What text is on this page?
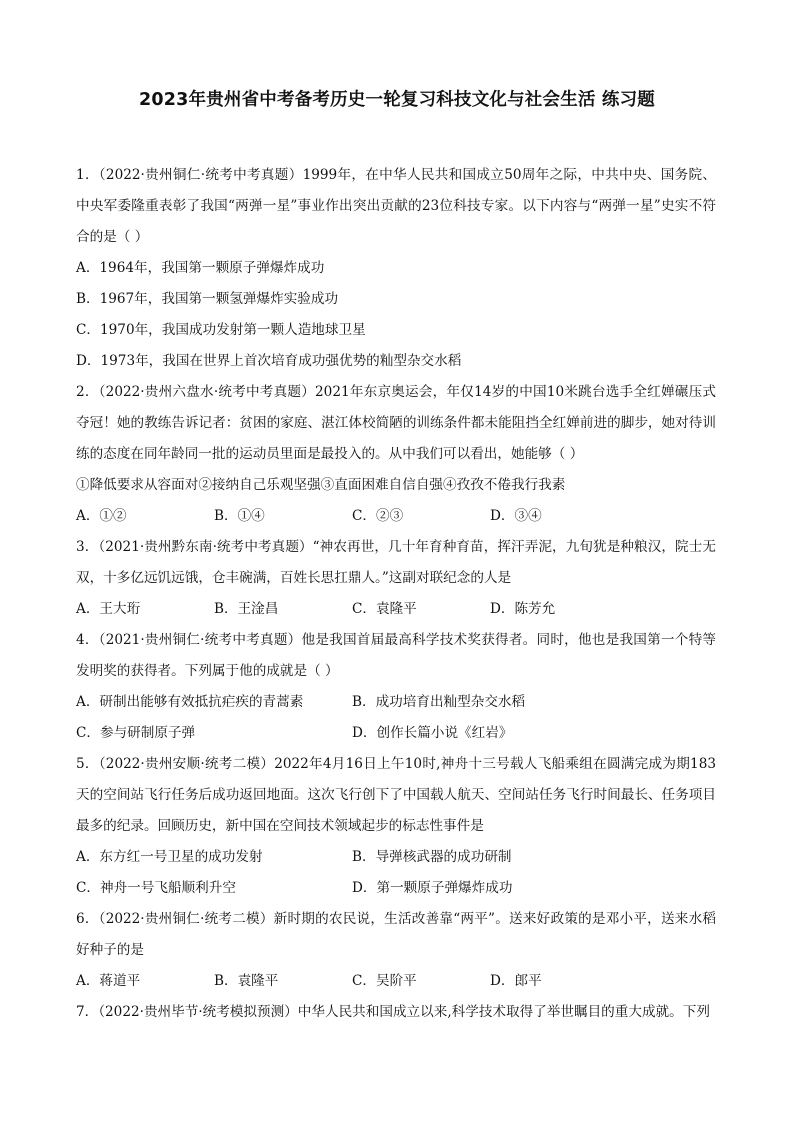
2023年贵州省中考备考历史一轮复习科技文化与社会生活 练习题

1．（2022·贵州铜仁·统考中考真题）1999年，在中华人民共和国成立50周年之际，中共中央、国务院、中央军委隆重表彰了我国“两弹一星”事业作出突出贡献的23位科技专家。以下内容与“两弹一星”史实不符合的是（ ）

A．1964年，我国第一颗原子弹爆炸成功
B．1967年，我国第一颗氢弹爆炸实验成功
C．1970年，我国成功发射第一颗人造地球卫星
D．1973年，我国在世界上首次培育成功强优势的籼型杂交水稻

2．（2022·贵州六盘水·统考中考真题）2021年东京奥运会，年仅14岁的中国10米跳台选手全红婵碾压式夺冠！她的教练告诉记者：贫困的家庭、湛江体校简陋的训练条件都未能阻挡全红婵前进的脚步，她对待训练的态度在同年龄同一批的运动员里面是最投入的。从中我们可以看出，她能够（ ）

①降低要求从容面对②接纳自己乐观坚强③直面困难自信自强④孜孜不倦我行我素
A．①②	B．①④	C．②③	D．③④

3．（2021·贵州黔东南·统考中考真题）“神农再世，几十年育种育苗，挥汗弄泥，九旬犹是种粮汉，院士无双，十多亿远饥远饿，仓丰碗满，百姓长思扛鼎人。”这副对联纪念的人是

A．王大珩	B．王淦昌	C．袁隆平	D．陈芳允

4．（2021·贵州铜仁·统考中考真题）他是我国首届最高科学技术奖获得者。同时，他也是我国第一个特等发明奖的获得者。下列属于他的成就是（ ）

A．研制出能够有效抵抗疟疾的青蒿素	B．成功培育出籼型杂交水稻
C．参与研制原子弹	D．创作长篇小说《红岩》

5．（2022·贵州安顺·统考二模）2022年4月16日上午10时,神舟十三号载人飞船乘组在圆满完成为期183天的空间站飞行任务后成功返回地面。这次飞行创下了中国载人航天、空间站任务飞行时间最长、任务项目最多的纪录。回顾历史，新中国在空间技术领域起步的标志性事件是

A．东方红一号卫星的成功发射	B．导弹核武器的成功研制
C．神舟一号飞船顺利升空	D．第一颗原子弹爆炸成功

6．（2022·贵州铜仁·统考二模）新时期的农民说，生活改善靠“两平”。送来好政策的是邓小平，送来水稻好种子的是

A．蒋道平	B．袁隆平	C．吴阶平	D．郎平

7．（2022·贵州毕节·统考模拟预测）中华人民共和国成立以来,科学技术取得了举世瞩目的重大成就。下列
